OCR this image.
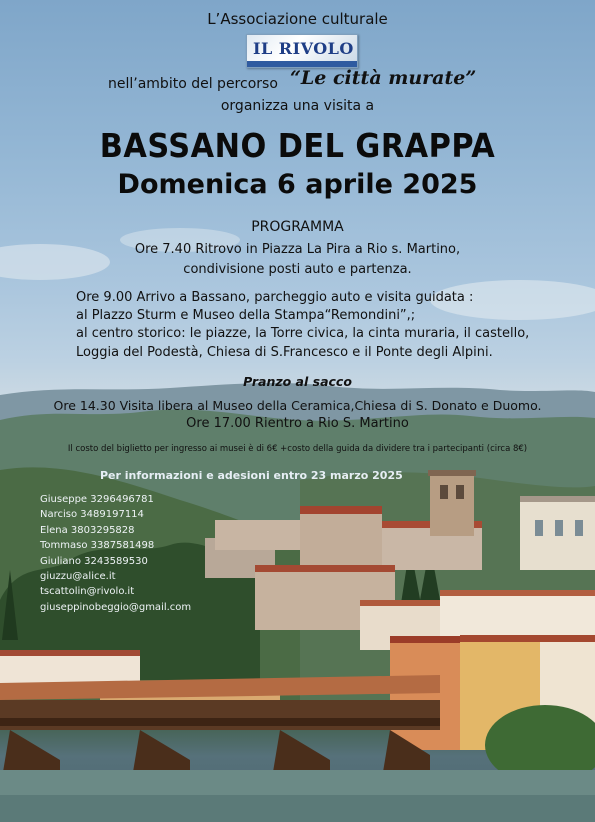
L’Associazione culturale
IL RIVOLO
nell’ambito del percorso “Le città murate”
organizza una visita a
BASSANO DEL GRAPPA
Domenica 6 aprile 2025
PROGRAMMA
Ore 7.40 Ritrovo in Piazza La Pira a Rio s. Martino,
condivisione posti auto e partenza.
Ore 9.00 Arrivo a Bassano, parcheggio auto e visita guidata :
al Plazzo Sturm e Museo della Stampa“Remondini”,;
al centro storico: le piazze, la Torre civica, la cinta muraria, il castello,
Loggia del Podestà, Chiesa di S.Francesco e il Ponte degli Alpini.
Pranzo al sacco
Ore 14.30 Visita libera al Museo della Ceramica,Chiesa di S. Donato e Duomo.
Ore 17.00 Rientro a Rio S. Martino
Il costo del biglietto per ingresso ai musei è di 6€ +costo della guida da dividere tra i partecipanti (circa 8€)
Per informazioni e adesioni entro 23 marzo 2025
Giuseppe 3296496781
Narciso 3489197114
Elena 3803295828
Tommaso 3387581498
Giuliano 3243589530
giuzzu@alice.it
tscattolin@rivolo.it
giuseppinobeggio@gmail.com
